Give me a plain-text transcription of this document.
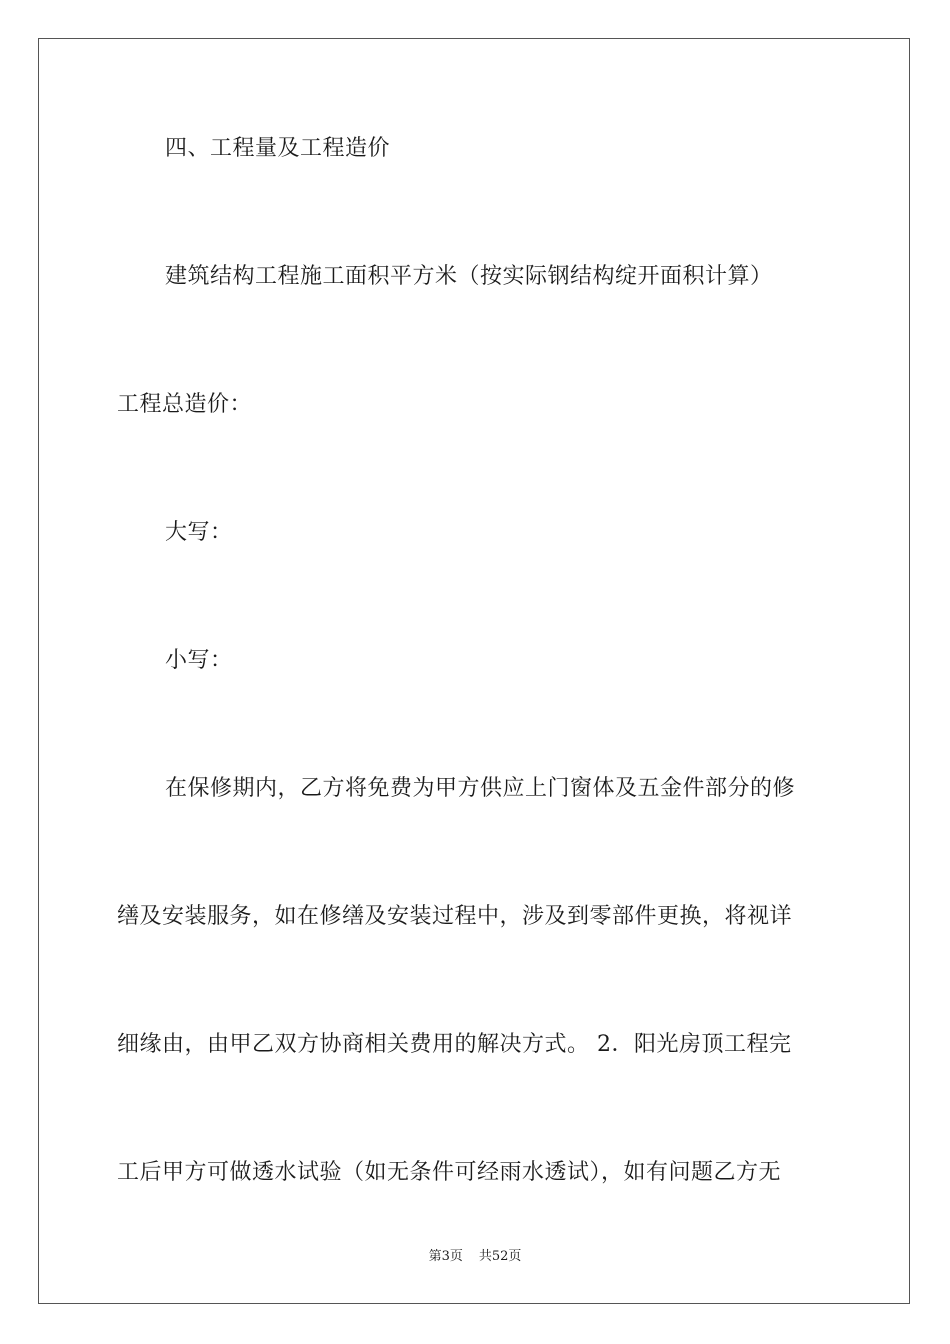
四、工程量及工程造价
建筑结构工程施工面积平方米（按实际钢结构绽开面积计算）
工程总造价：
大写：
小写：
在保修期内，乙方将免费为甲方供应上门窗体及五金件部分的修
缮及安装服务，如在修缮及安装过程中，涉及到零部件更换，将视详
细缘由，由甲乙双方协商相关费用的解决方式。 2．阳光房顶工程完
工后甲方可做透水试验（如无条件可经雨水透试），如有问题乙方无
第3页 共52页
